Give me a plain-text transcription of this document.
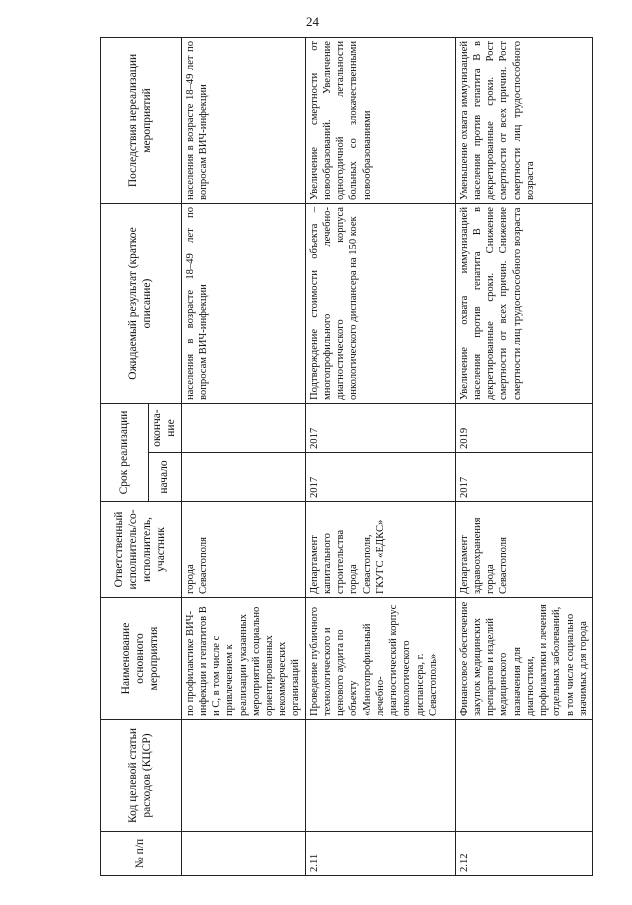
24
№ п/п	Код целевой статьи расходов (КЦСР)	Наименование основного мероприятия	Ответственный исполнитель/со-исполнитель, участник	Срок реализации		Ожидаемый результат (краткое описание)	Последствия нереализации мероприятий
				начало	оконча-ние		
		по профилактике ВИЧ-инфекции и гепатитов В и С, в том числе с привлечением к реализации указанных мероприятий социально ориентированных некоммерческих организаций	города Севастополя			населения в возрасте 18–49 лет по вопросам ВИЧ-инфекции	населения в возрасте 18–49 лет по вопросам ВИЧ-инфекции
2.11		Проведение публичного технологического и ценового аудита по объекту «Многопрофильный лечебно-диагностический корпус онкологического диспансера, г. Севастополь»	Департамент капитального строительства города Севастополя, ГКУГС «ЕДКС»	2017	2017	Подтверждение стоимости объекта – многопрофильного лечебно-диагностического корпуса онкологического диспансера на 150 коек	Увеличение смертности от новообразований. Увеличение одногодичной летальности больных со злокачественными новообразованиями
2.12		Финансовое обеспечение закупок медицинских препаратов и изделий медицинского назначения для диагностики, профилактики и лечения отдельных заболеваний, в том числе социально значимых для города	Департамент здравоохранения города Севастополя	2017	2019	Увеличение охвата иммунизацией населения против гепатита В в декретированные сроки. Снижение смертности от всех причин. Снижение смертности лиц трудоспособного возраста	Уменьшение охвата иммунизацией населения против гепатита В в декретированные сроки. Рост смертности от всех причин. Рост смертности лиц трудоспособного возраста
